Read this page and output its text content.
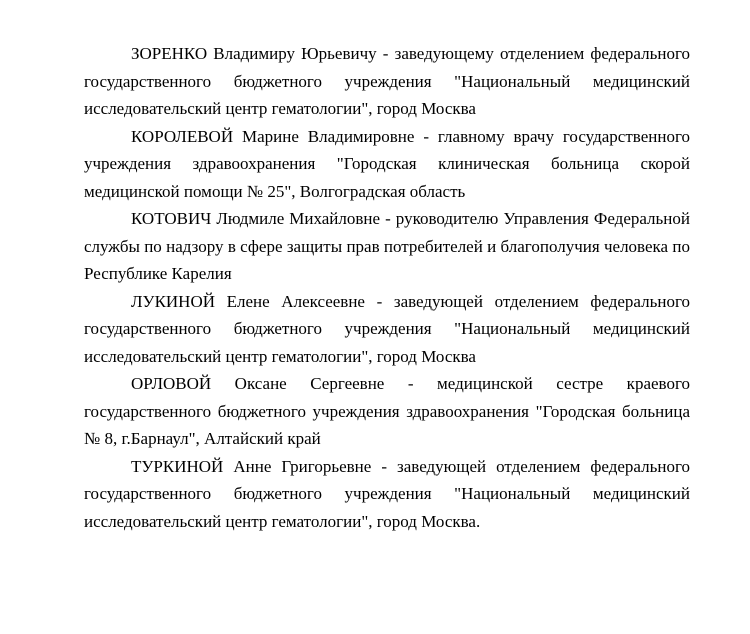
ЗОРЕНКО Владимиру Юрьевичу - заведующему отделением федерального государственного бюджетного учреждения "Национальный медицинский исследовательский центр гематологии", город Москва

КОРОЛЕВОЙ Марине Владимировне - главному врачу государственного учреждения здравоохранения "Городская клиническая больница скорой медицинской помощи № 25", Волгоградская область

КОТОВИЧ Людмиле Михайловне - руководителю Управления Федеральной службы по надзору в сфере защиты прав потребителей и благополучия человека по Республике Карелия

ЛУКИНОЙ Елене Алексеевне - заведующей отделением федерального государственного бюджетного учреждения "Национальный медицинский исследовательский центр гематологии", город Москва

ОРЛОВОЙ Оксане Сергеевне - медицинской сестре краевого государственного бюджетного учреждения здравоохранения "Городская больница № 8, г.Барнаул", Алтайский край

ТУРКИНОЙ Анне Григорьевне - заведующей отделением федерального государственного бюджетного учреждения "Национальный медицинский исследовательский центр гематологии", город Москва.
